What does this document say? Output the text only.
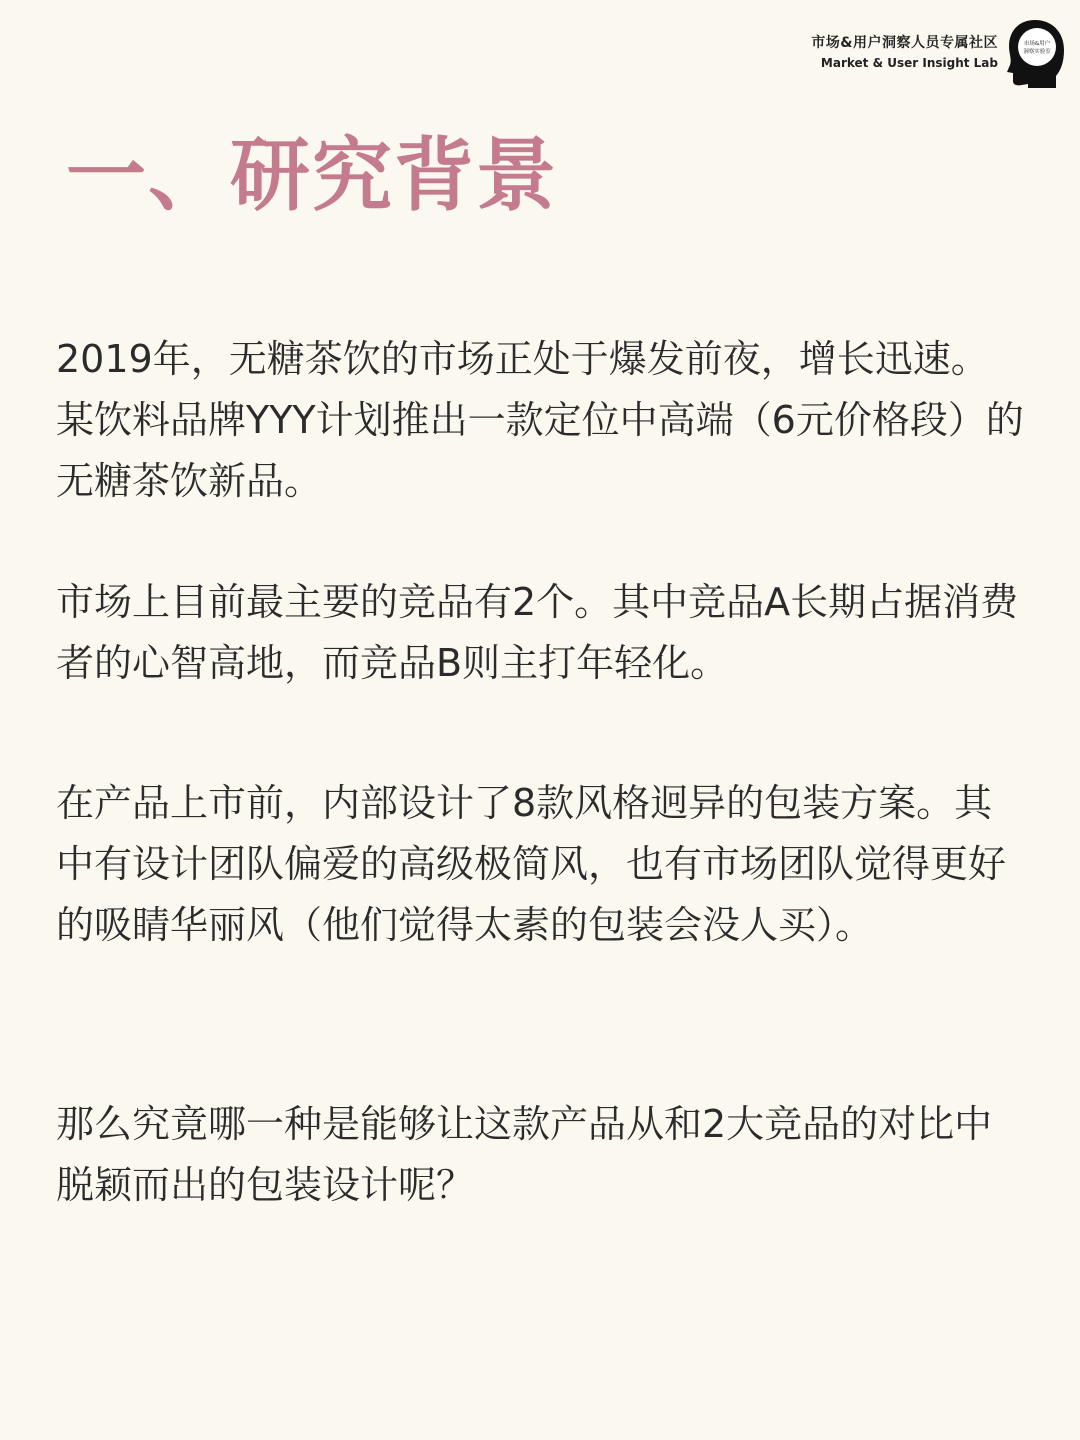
市场&用户洞察人员专属社区
Market & User Insight Lab
市场&用户
洞察实验室
一、研究背景

2019年，无糖茶饮的市场正处于爆发前夜，增长迅速。某饮料品牌YYY计划推出一款定位中高端（6元价格段）的无糖茶饮新品。

市场上目前最主要的竞品有2个。其中竞品A长期占据消费者的心智高地，而竞品B则主打年轻化。

在产品上市前，内部设计了8款风格迥异的包装方案。其中有设计团队偏爱的高级极简风，也有市场团队觉得更好的吸睛华丽风（他们觉得太素的包装会没人买）。

那么究竟哪一种是能够让这款产品从和2大竞品的对比中脱颖而出的包装设计呢？
